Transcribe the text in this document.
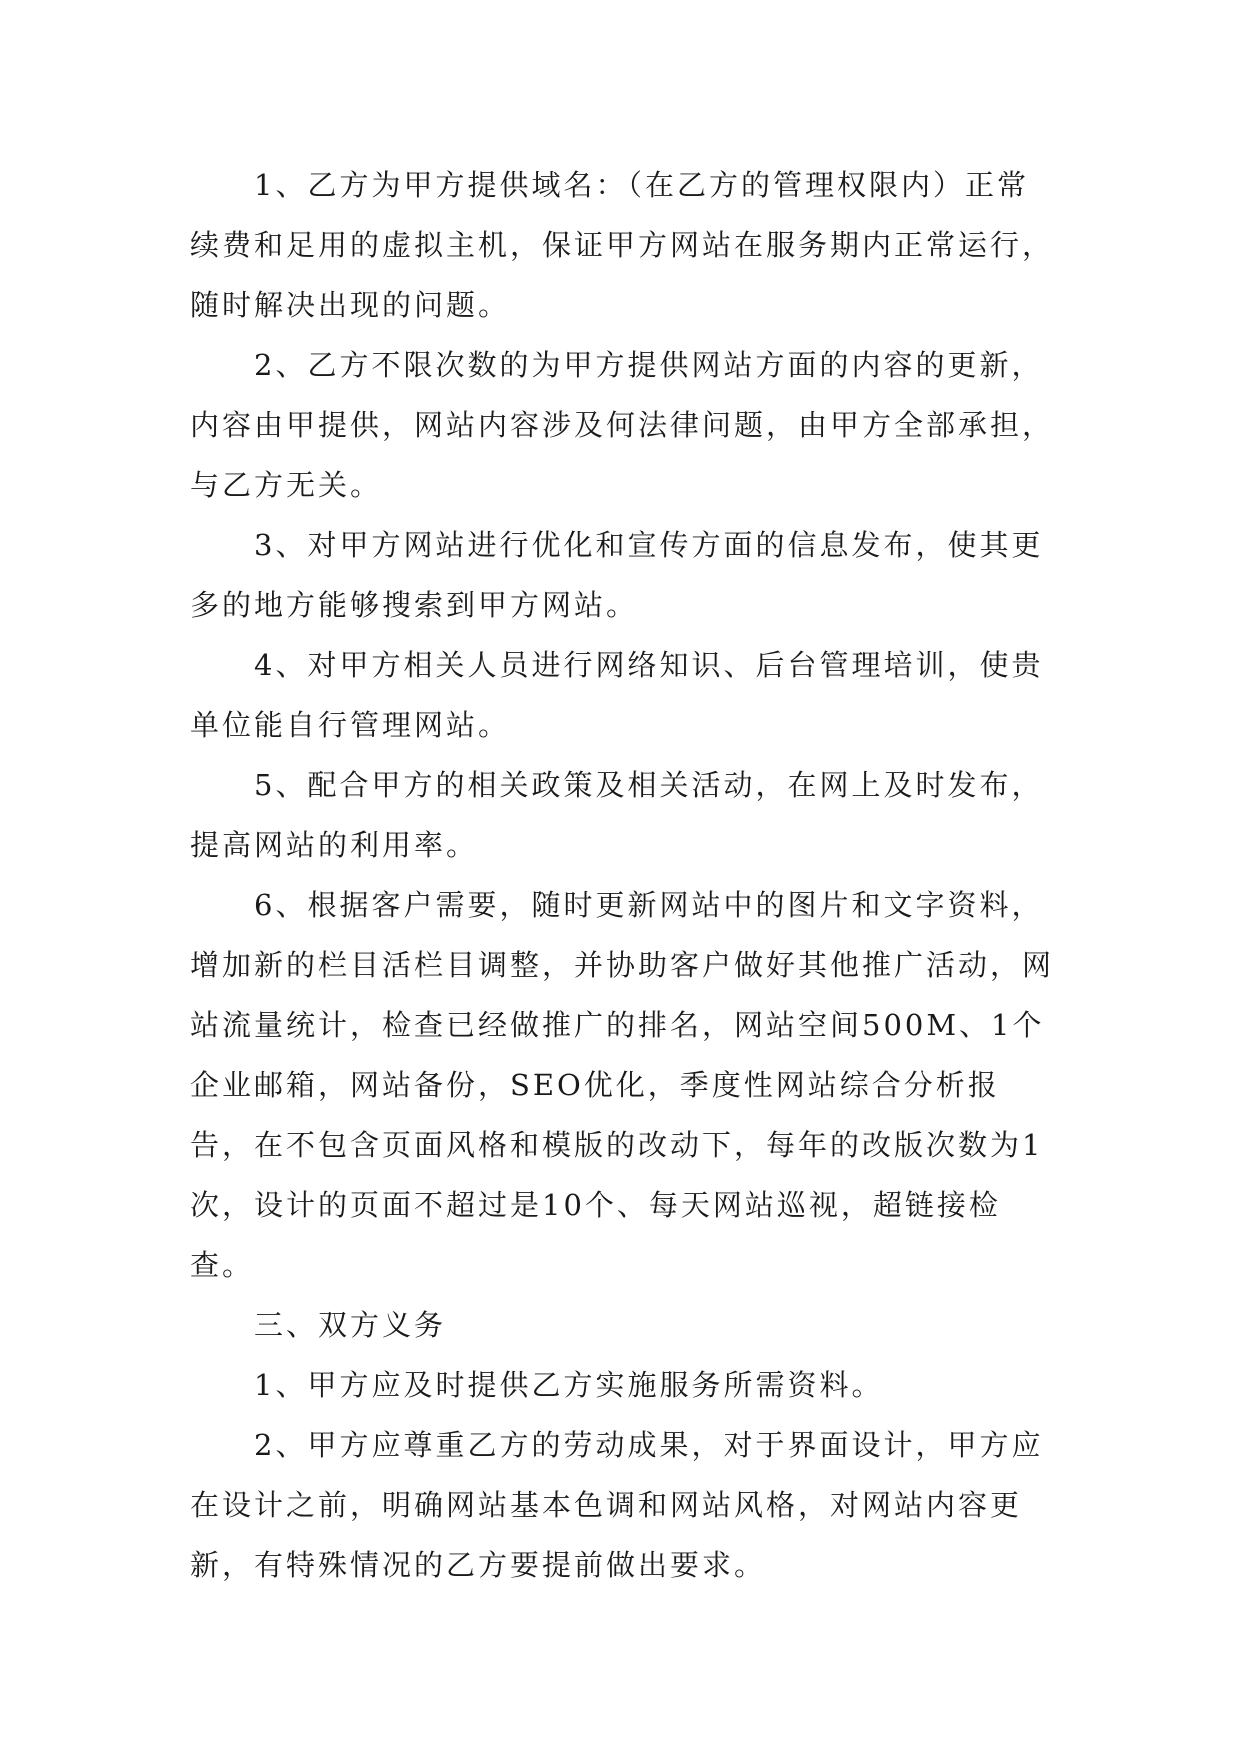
1、乙方为甲方提供域名：（在乙方的管理权限内）正常续费和足用的虚拟主机，保证甲方网站在服务期内正常运行，随时解决出现的问题。

2、乙方不限次数的为甲方提供网站方面的内容的更新，内容由甲提供，网站内容涉及何法律问题，由甲方全部承担，与乙方无关。

3、对甲方网站进行优化和宣传方面的信息发布，使其更多的地方能够搜索到甲方网站。

4、对甲方相关人员进行网络知识、后台管理培训，使贵单位能自行管理网站。

5、配合甲方的相关政策及相关活动，在网上及时发布，提高网站的利用率。

6、根据客户需要，随时更新网站中的图片和文字资料，增加新的栏目活栏目调整，并协助客户做好其他推广活动，网站流量统计，检查已经做推广的排名，网站空间500M、1个企业邮箱，网站备份，SEO优化，季度性网站综合分析报告，在不包含页面风格和模版的改动下，每年的改版次数为1次，设计的页面不超过是10个、每天网站巡视，超链接检查。

三、双方义务

1、甲方应及时提供乙方实施服务所需资料。

2、甲方应尊重乙方的劳动成果，对于界面设计，甲方应在设计之前，明确网站基本色调和网站风格，对网站内容更新，有特殊情况的乙方要提前做出要求。
